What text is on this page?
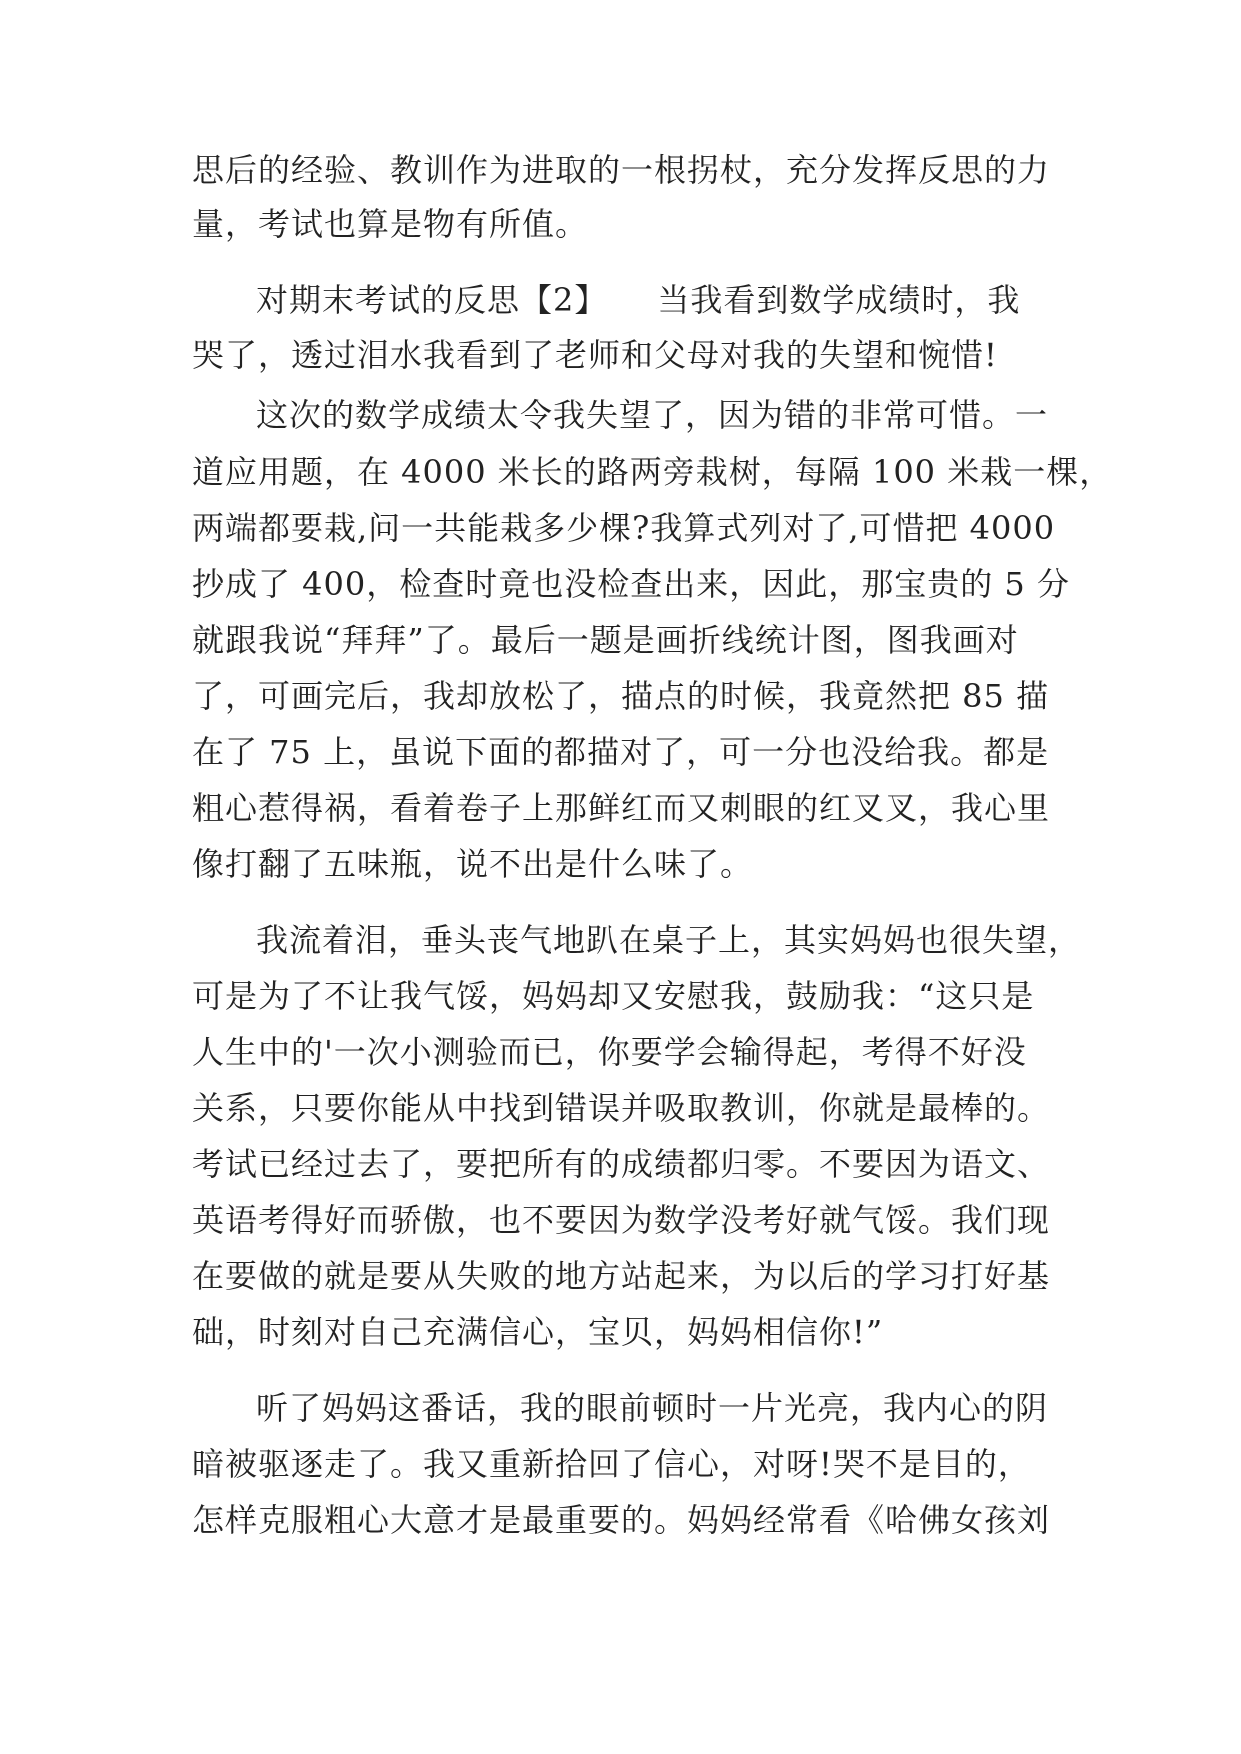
思后的经验、教训作为进取的一根拐杖，充分发挥反思的力
量，考试也算是物有所值。
对期末考试的反思【2】　　当我看到数学成绩时，我
哭了，透过泪水我看到了老师和父母对我的失望和惋惜!
这次的数学成绩太令我失望了，因为错的非常可惜。一
道应用题，在 4000 米长的路两旁栽树，每隔 100 米栽一棵，
两端都要栽,问一共能栽多少棵?我算式列对了,可惜把 4000
抄成了 400，检查时竟也没检查出来，因此，那宝贵的 5 分
就跟我说“拜拜”了。最后一题是画折线统计图，图我画对
了，可画完后，我却放松了，描点的时候，我竟然把 85 描
在了 75 上，虽说下面的都描对了，可一分也没给我。都是
粗心惹得祸，看着卷子上那鲜红而又刺眼的红叉叉，我心里
像打翻了五味瓶，说不出是什么味了。
我流着泪，垂头丧气地趴在桌子上，其实妈妈也很失望，
可是为了不让我气馁，妈妈却又安慰我，鼓励我：“这只是
人生中的'一次小测验而已，你要学会输得起，考得不好没
关系，只要你能从中找到错误并吸取教训，你就是最棒的。
考试已经过去了，要把所有的成绩都归零。不要因为语文、
英语考得好而骄傲，也不要因为数学没考好就气馁。我们现
在要做的就是要从失败的地方站起来，为以后的学习打好基
础，时刻对自己充满信心，宝贝，妈妈相信你!”
听了妈妈这番话，我的眼前顿时一片光亮，我内心的阴
暗被驱逐走了。我又重新拾回了信心，对呀!哭不是目的，
怎样克服粗心大意才是最重要的。妈妈经常看《哈佛女孩刘
